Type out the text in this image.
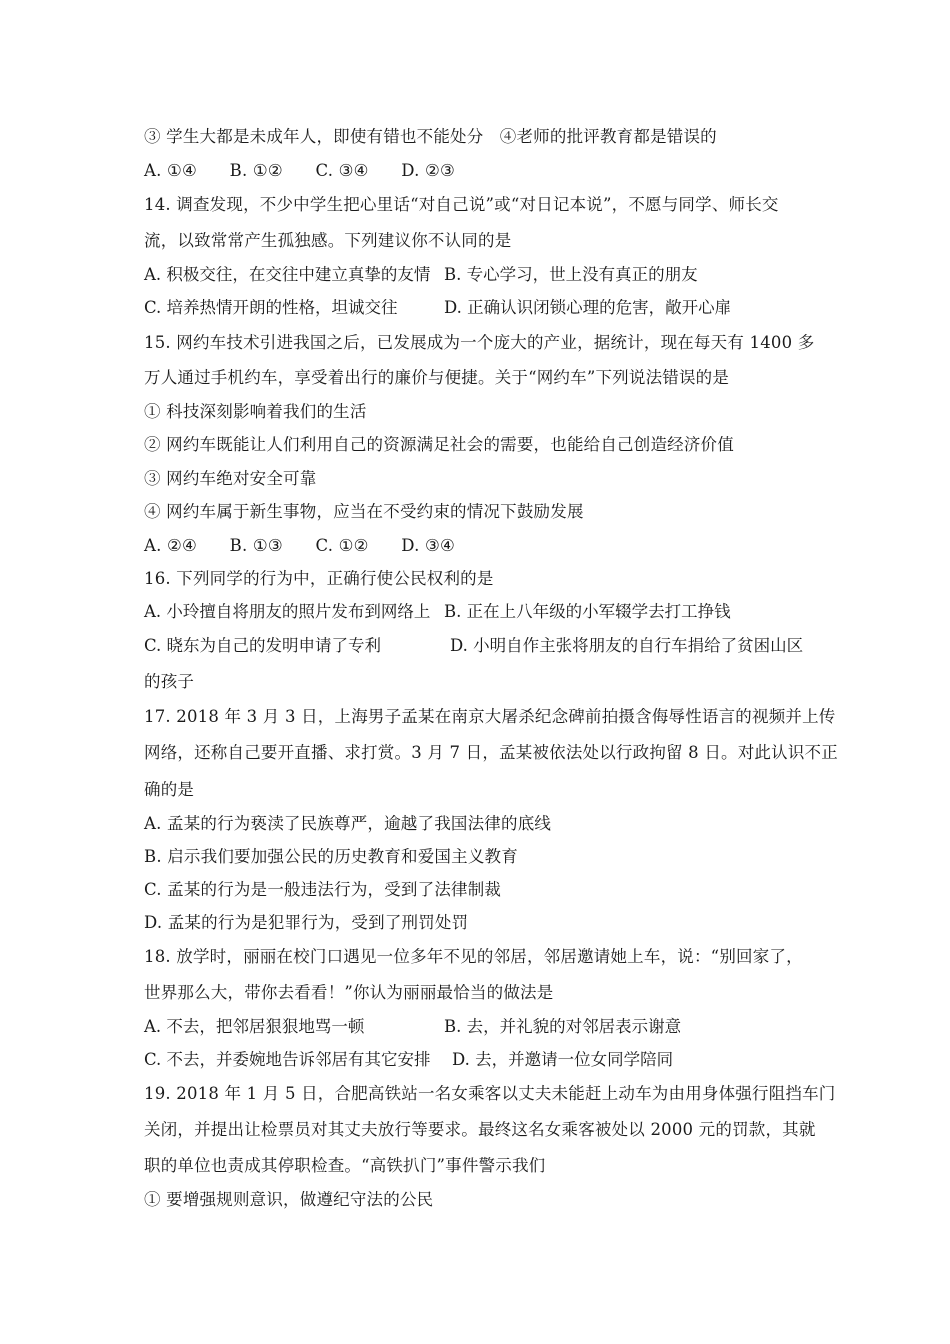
③ 学生大都是未成年人，即使有错也不能处分   ④老师的批评教育都是错误的
A. ①④      B. ①②      C. ③④      D. ②③
14. 调查发现，不少中学生把心里话“对自己说”或“对日记本说”，不愿与同学、师长交
流，以致常常产生孤独感。下列建议你不认同的是
A. 积极交往，在交往中建立真挚的友情 B. 专心学习，世上没有真正的朋友
C. 培养热情开朗的性格，坦诚交往	D. 正确认识闭锁心理的危害，敞开心扉
15. 网约车技术引进我国之后，已发展成为一个庞大的产业，据统计，现在每天有 1400 多
万人通过手机约车，享受着出行的廉价与便捷。关于“网约车”下列说法错误的是
① 科技深刻影响着我们的生活
② 网约车既能让人们利用自己的资源满足社会的需要，也能给自己创造经济价值
③ 网约车绝对安全可靠
④ 网约车属于新生事物，应当在不受约束的情况下鼓励发展
A. ②④      B. ①③      C. ①②      D. ③④
16. 下列同学的行为中，正确行使公民权利的是
A. 小玲擅自将朋友的照片发布到网络上 B. 正在上八年级的小军辍学去打工挣钱
C. 晓东为自己的发明申请了专利	D. 小明自作主张将朋友的自行车捐给了贫困山区
的孩子
17. 2018 年 3 月 3 日，上海男子孟某在南京大屠杀纪念碑前拍摄含侮辱性语言的视频并上传
网络，还称自己要开直播、求打赏。3 月 7 日，孟某被依法处以行政拘留 8 日。对此认识不正
确的是
A. 孟某的行为亵渎了民族尊严，逾越了我国法律的底线
B. 启示我们要加强公民的历史教育和爱国主义教育
C. 孟某的行为是一般违法行为，受到了法律制裁
D. 孟某的行为是犯罪行为，受到了刑罚处罚
18. 放学时，丽丽在校门口遇见一位多年不见的邻居，邻居邀请她上车，说：“别回家了，
世界那么大，带你去看看！”你认为丽丽最恰当的做法是
A. 不去，把邻居狠狠地骂一顿	B. 去，并礼貌的对邻居表示谢意
C. 不去，并委婉地告诉邻居有其它安排 D. 去，并邀请一位女同学陪同
19. 2018 年 1 月 5 日，合肥高铁站一名女乘客以丈夫未能赶上动车为由用身体强行阻挡车门
关闭，并提出让检票员对其丈夫放行等要求。最终这名女乘客被处以 2000 元的罚款，其就
职的单位也责成其停职检查。“高铁扒门”事件警示我们
① 要增强规则意识，做遵纪守法的公民
